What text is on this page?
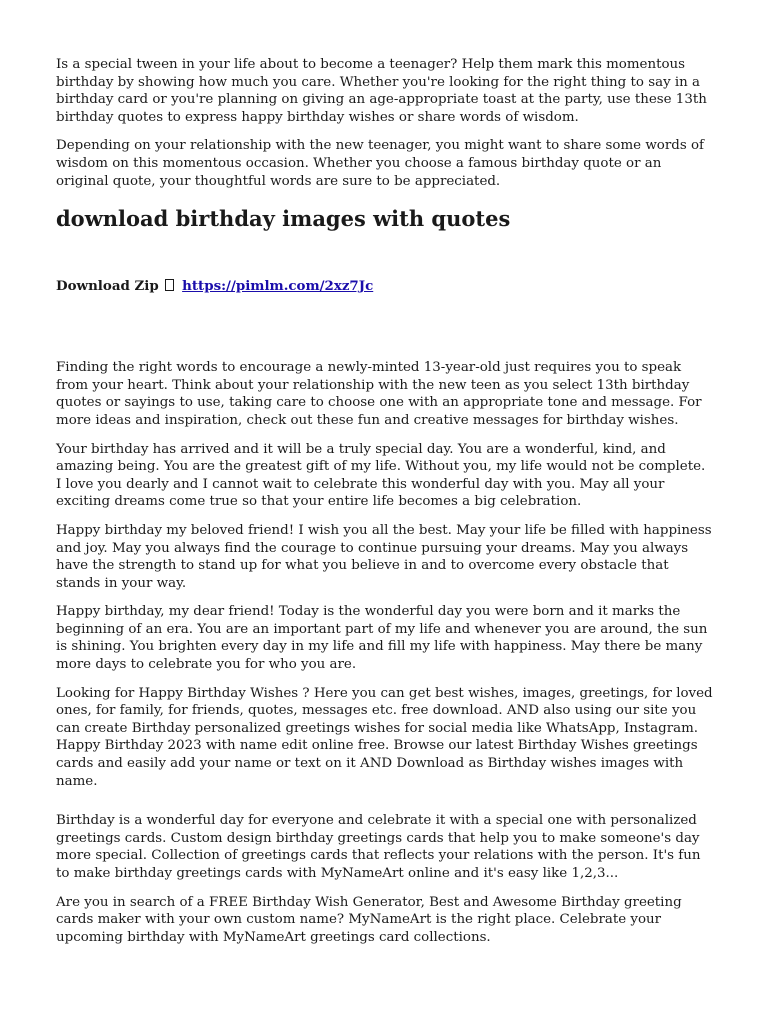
Is a special tween in your life about to become a teenager? Help them mark this momentous birthday by showing how much you care. Whether you're looking for the right thing to say in a birthday card or you're planning on giving an age-appropriate toast at the party, use these 13th birthday quotes to express happy birthday wishes or share words of wisdom.

Depending on your relationship with the new teenager, you might want to share some words of wisdom on this momentous occasion. Whether you choose a famous birthday quote or an original quote, your thoughtful words are sure to be appreciated.

download birthday images with quotes
Download Zip https://pimlm.com/2xz7Jc

Finding the right words to encourage a newly-minted 13-year-old just requires you to speak from your heart. Think about your relationship with the new teen as you select 13th birthday quotes or sayings to use, taking care to choose one with an appropriate tone and message. For more ideas and inspiration, check out these fun and creative messages for birthday wishes.

Your birthday has arrived and it will be a truly special day. You are a wonderful, kind, and amazing being. You are the greatest gift of my life. Without you, my life would not be complete. I love you dearly and I cannot wait to celebrate this wonderful day with you. May all your exciting dreams come true so that your entire life becomes a big celebration.

Happy birthday my beloved friend! I wish you all the best. May your life be filled with happiness and joy. May you always find the courage to continue pursuing your dreams. May you always have the strength to stand up for what you believe in and to overcome every obstacle that stands in your way.

Happy birthday, my dear friend! Today is the wonderful day you were born and it marks the beginning of an era. You are an important part of my life and whenever you are around, the sun is shining. You brighten every day in my life and fill my life with happiness. May there be many more days to celebrate you for who you are.

Looking for Happy Birthday Wishes ? Here you can get best wishes, images, greetings, for loved ones, for family, for friends, quotes, messages etc. free download. AND also using our site you can create Birthday personalized greetings wishes for social media like WhatsApp, Instagram. Happy Birthday 2023 with name edit online free. Browse our latest Birthday Wishes greetings cards and easily add your name or text on it AND Download as Birthday wishes images with name.

Birthday is a wonderful day for everyone and celebrate it with a special one with personalized greetings cards. Custom design birthday greetings cards that help you to make someone's day more special. Collection of greetings cards that reflects your relations with the person. It's fun to make birthday greetings cards with MyNameArt online and it's easy like 1,2,3...

Are you in search of a FREE Birthday Wish Generator, Best and Awesome Birthday greeting cards maker with your own custom name? MyNameArt is the right place. Celebrate your upcoming birthday with MyNameArt greetings card collections.
